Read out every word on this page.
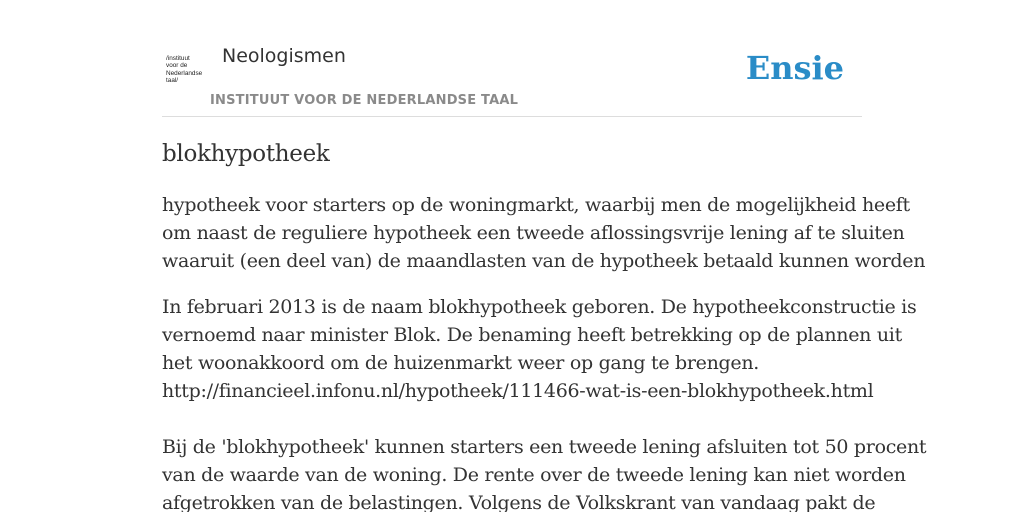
/instituut
voor de
Nederlandse
taal/
Neologismen
INSTITUUT VOOR DE NEDERLANDSE TAAL
Ensie
blokhypotheek

hypotheek voor starters op de woningmarkt, waarbij men de mogelijkheid heeft
om naast de reguliere hypotheek een tweede aflossingsvrije lening af te sluiten
waaruit (een deel van) de maandlasten van de hypotheek betaald kunnen worden

In februari 2013 is de naam blokhypotheek geboren. De hypotheekconstructie is
vernoemd naar minister Blok. De benaming heeft betrekking op de plannen uit
het woonakkoord om de huizenmarkt weer op gang te brengen.
http://financieel.infonu.nl/hypotheek/111466-wat-is-een-blokhypotheek.html

Bij de 'blokhypotheek' kunnen starters een tweede lening afsluiten tot 50 procent
van de waarde van de woning. De rente over de tweede lening kan niet worden
afgetrokken van de belastingen. Volgens de Volkskrant van vandaag pakt de
